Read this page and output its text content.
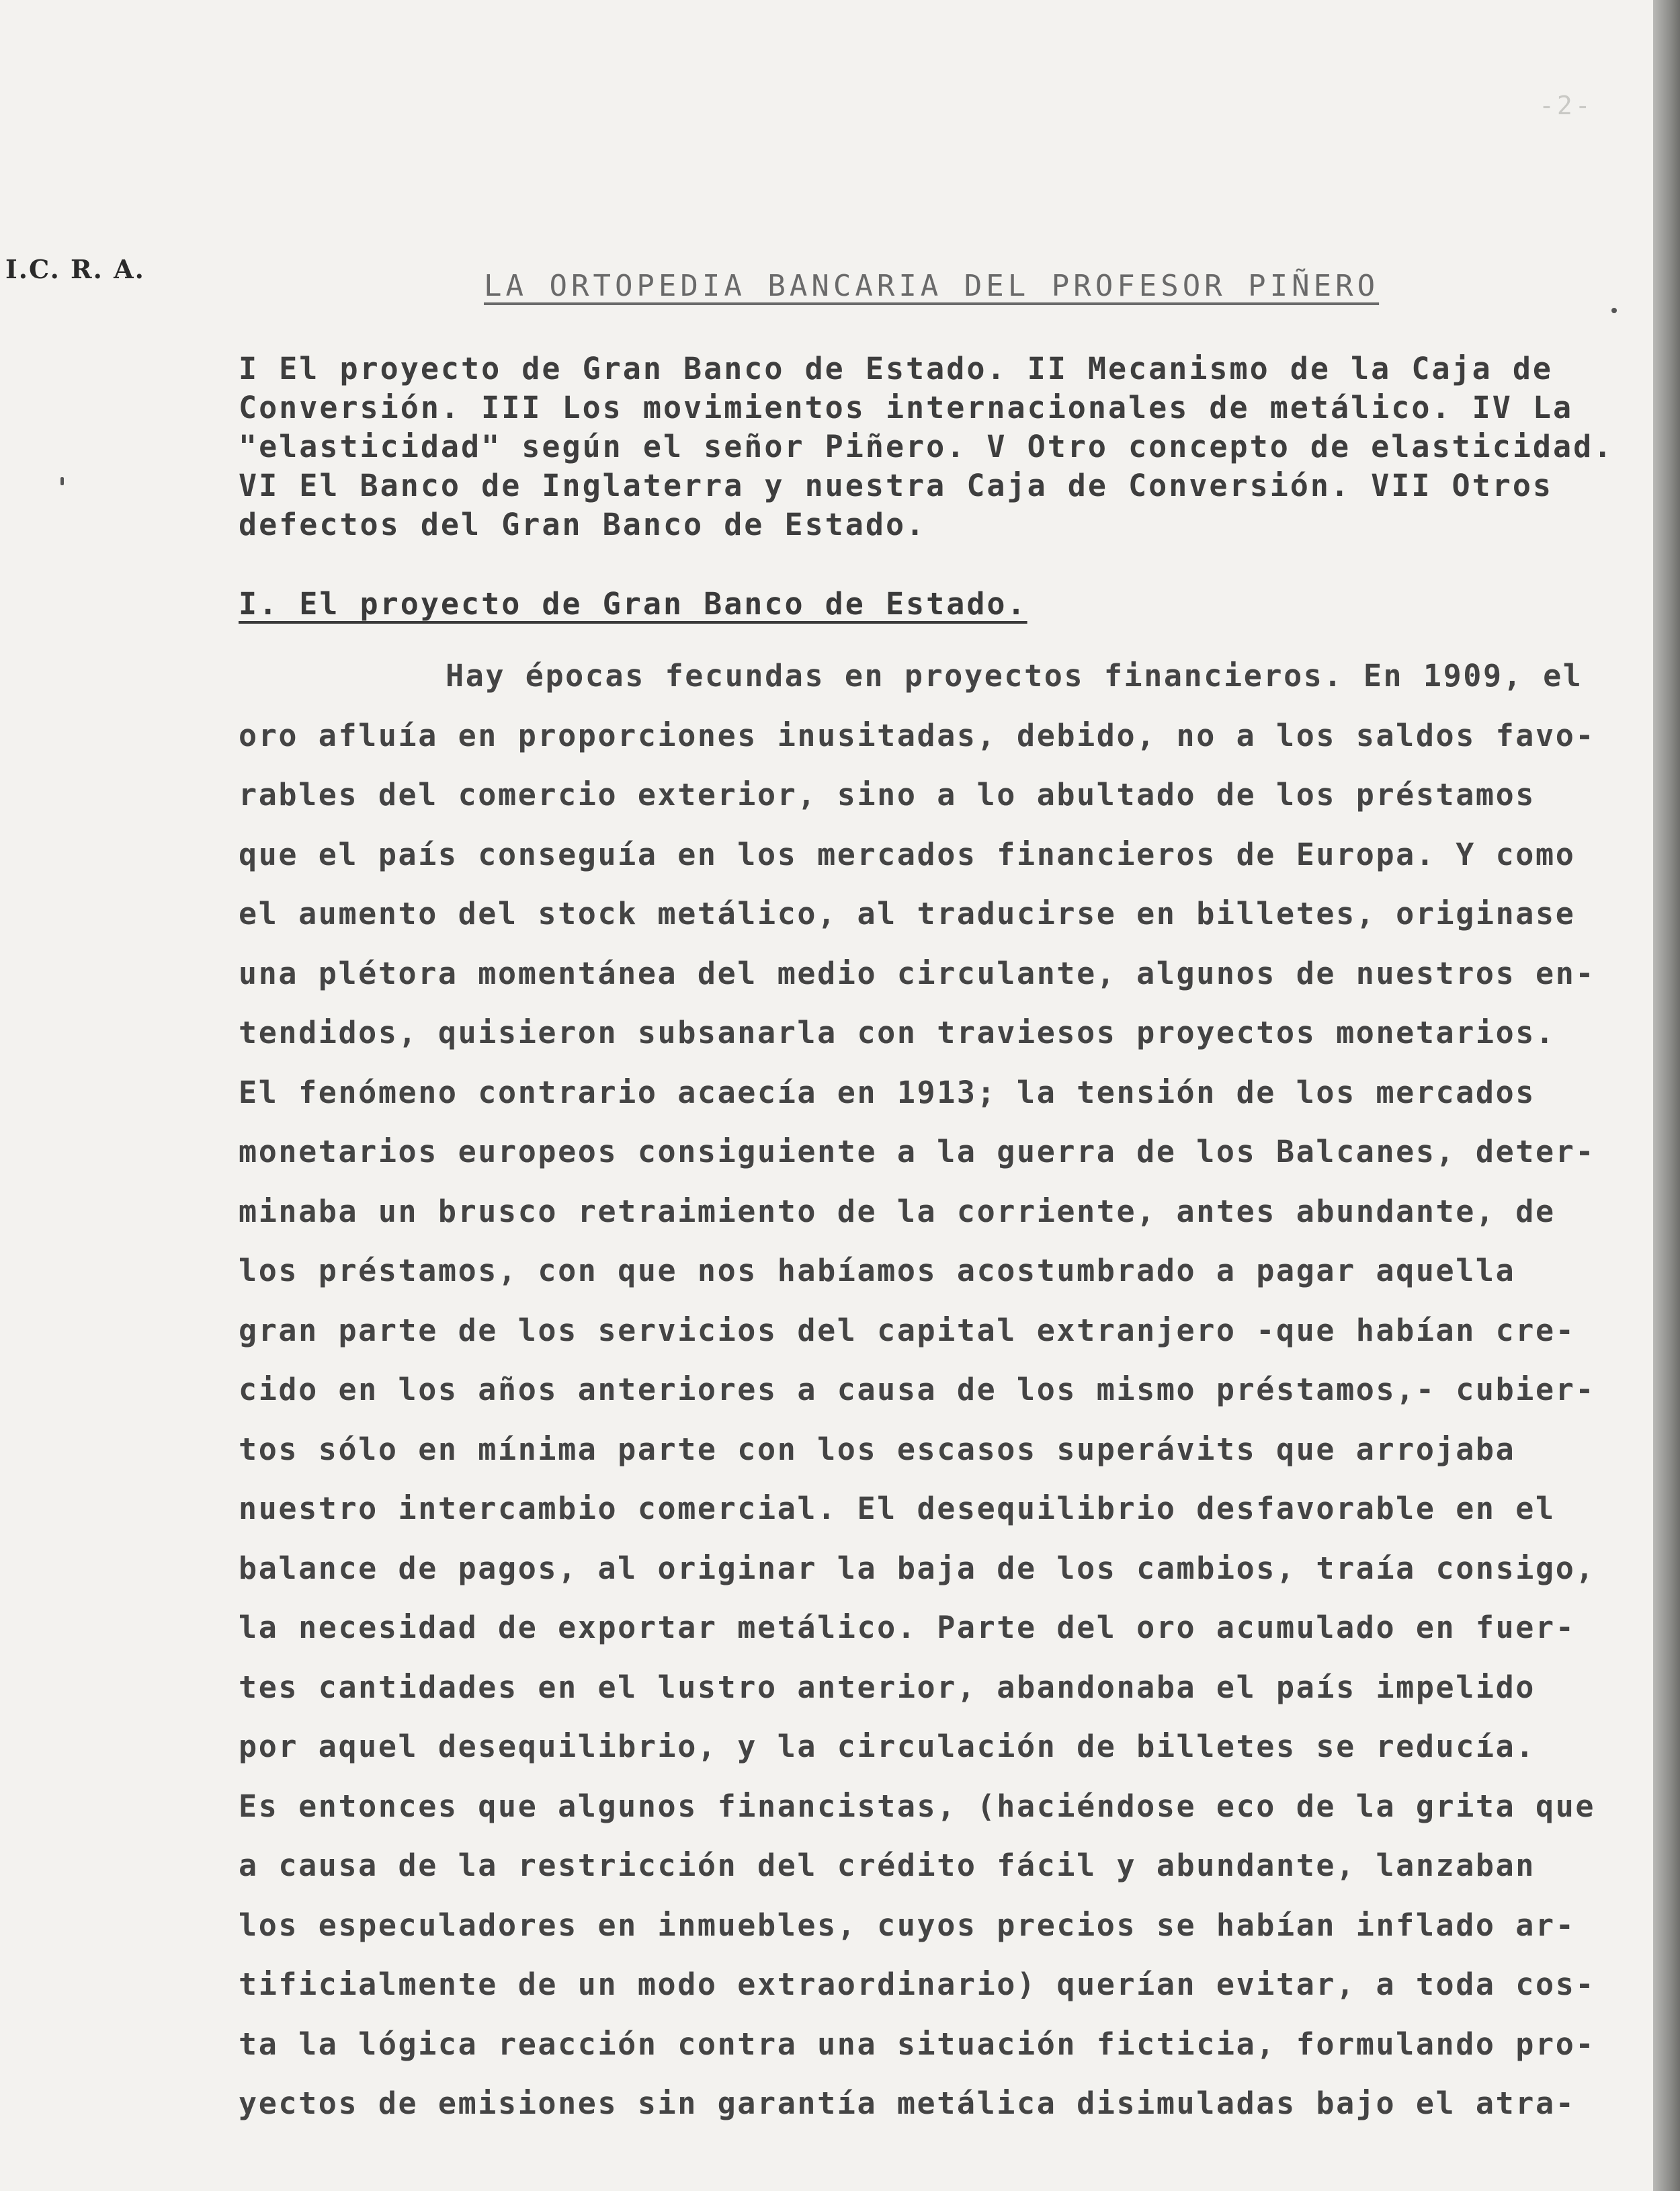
-2-
I.C. R. A.	LA ORTOPEDIA BANCARIA DEL PROFESOR PIÑERO
I El proyecto de Gran Banco de Estado. II Mecanismo de la Caja de
Conversión. III Los movimientos internacionales de metálico. IV La
"elasticidad" según el señor Piñero. V Otro concepto de elasticidad.
VI El Banco de Inglaterra y nuestra Caja de Conversión. VII Otros
defectos del Gran Banco de Estado.
I. El proyecto de Gran Banco de Estado.
Hay épocas fecundas en proyectos financieros. En 1909, el
oro afluía en proporciones inusitadas, debido, no a los saldos favo-
rables del comercio exterior, sino a lo abultado de los préstamos
que el país conseguía en los mercados financieros de Europa. Y como
el aumento del stock metálico, al traducirse en billetes, originase
una plétora momentánea del medio circulante, algunos de nuestros en-
tendidos, quisieron subsanarla con traviesos proyectos monetarios.
El fenómeno contrario acaecía en 1913; la tensión de los mercados
monetarios europeos consiguiente a la guerra de los Balcanes, deter-
minaba un brusco retraimiento de la corriente, antes abundante, de
los préstamos, con que nos habíamos acostumbrado a pagar aquella
gran parte de los servicios del capital extranjero -que habían cre-
cido en los años anteriores a causa de los mismo préstamos,- cubier-
tos sólo en mínima parte con los escasos superávits que arrojaba
nuestro intercambio comercial. El desequilibrio desfavorable en el
balance de pagos, al originar la baja de los cambios, traía consigo,
la necesidad de exportar metálico. Parte del oro acumulado en fuer-
tes cantidades en el lustro anterior, abandonaba el país impelido
por aquel desequilibrio, y la circulación de billetes se reducía.
Es entonces que algunos financistas, (haciéndose eco de la grita que
a causa de la restricción del crédito fácil y abundante, lanzaban
los especuladores en inmuebles, cuyos precios se habían inflado ar-
tificialmente de un modo extraordinario) querían evitar, a toda cos-
ta la lógica reacción contra una situación ficticia, formulando pro-
yectos de emisiones sin garantía metálica disimuladas bajo el atra-
